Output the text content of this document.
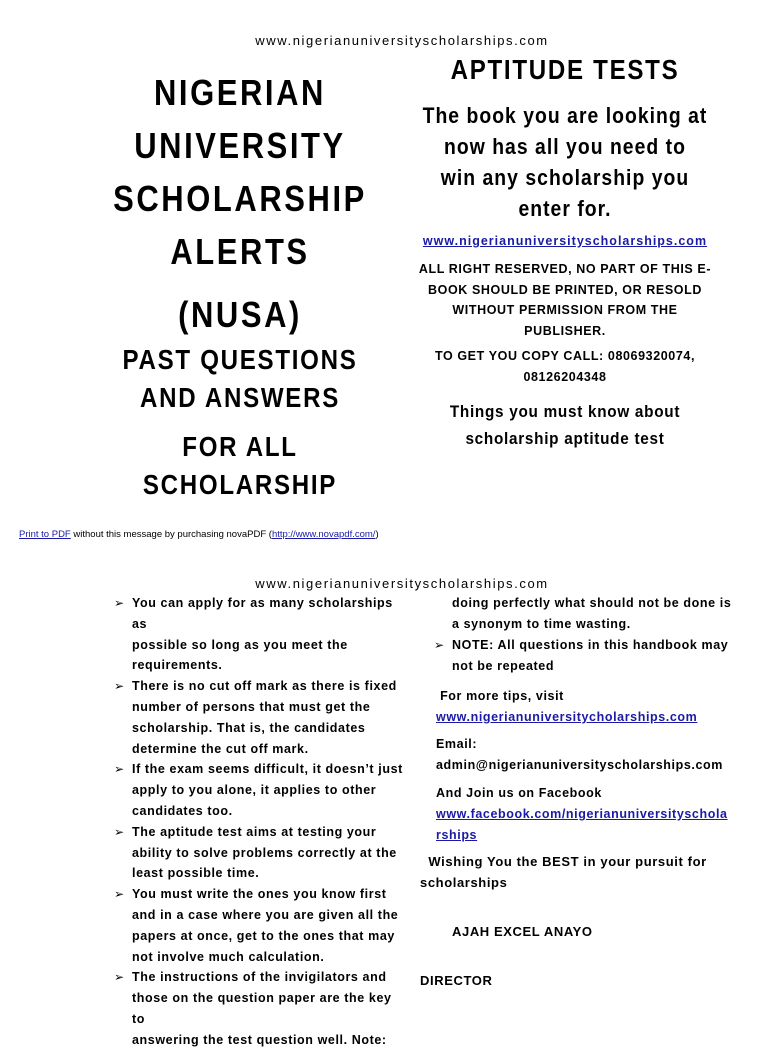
www.nigerianuniversityscholarships.com
NIGERIAN
UNIVERSITY
SCHOLARSHIP
ALERTS
(NUSA)
PAST QUESTIONS
AND ANSWERS
FOR ALL SCHOLARSHIP
APTITUDE TESTS
The book you are looking at
now has all you need to
win any scholarship you
enter for.
www.nigerianuniversityscholarships.com
ALL RIGHT RESERVED, NO PART OF THIS E-
BOOK SHOULD BE PRINTED, OR RESOLD
WITHOUT PERMISSION FROM THE
PUBLISHER.
TO GET YOU COPY CALL: 08069320074,
08126204348
Things you must know about
scholarship aptitude test
Print to PDF without this message by purchasing novaPDF (http://www.novapdf.com/)
www.nigerianuniversityscholarships.com
➢ You can apply for as many scholarships as
possible so long as you meet the
requirements.
➢ There is no cut off mark as there is fixed
number of persons that must get the
scholarship. That is, the candidates
determine the cut off mark.
➢ If the exam seems difficult, it doesn’t just
apply to you alone, it applies to other
candidates too.
➢ The aptitude test aims at testing your
ability to solve problems correctly at the
least possible time.
➢ You must write the ones you know first
and in a case where you are given all the
papers at once, get to the ones that may
not involve much calculation.
➢ The instructions of the invigilators and
those on the question paper are the key to
answering the test question well. Note:
doing perfectly what should not be done is
a synonym to time wasting.
➢ NOTE: All questions in this handbook may
not be repeated
For more tips, visit
www.nigerianuniversitycholarships.com
Email:
admin@nigerianuniversityscholarships.com
And Join us on Facebook
www.facebook.com/nigerianuniversityschola
rships
Wishing You the BEST in your pursuit for
scholarships
AJAH EXCEL ANAYO
DIRECTOR
